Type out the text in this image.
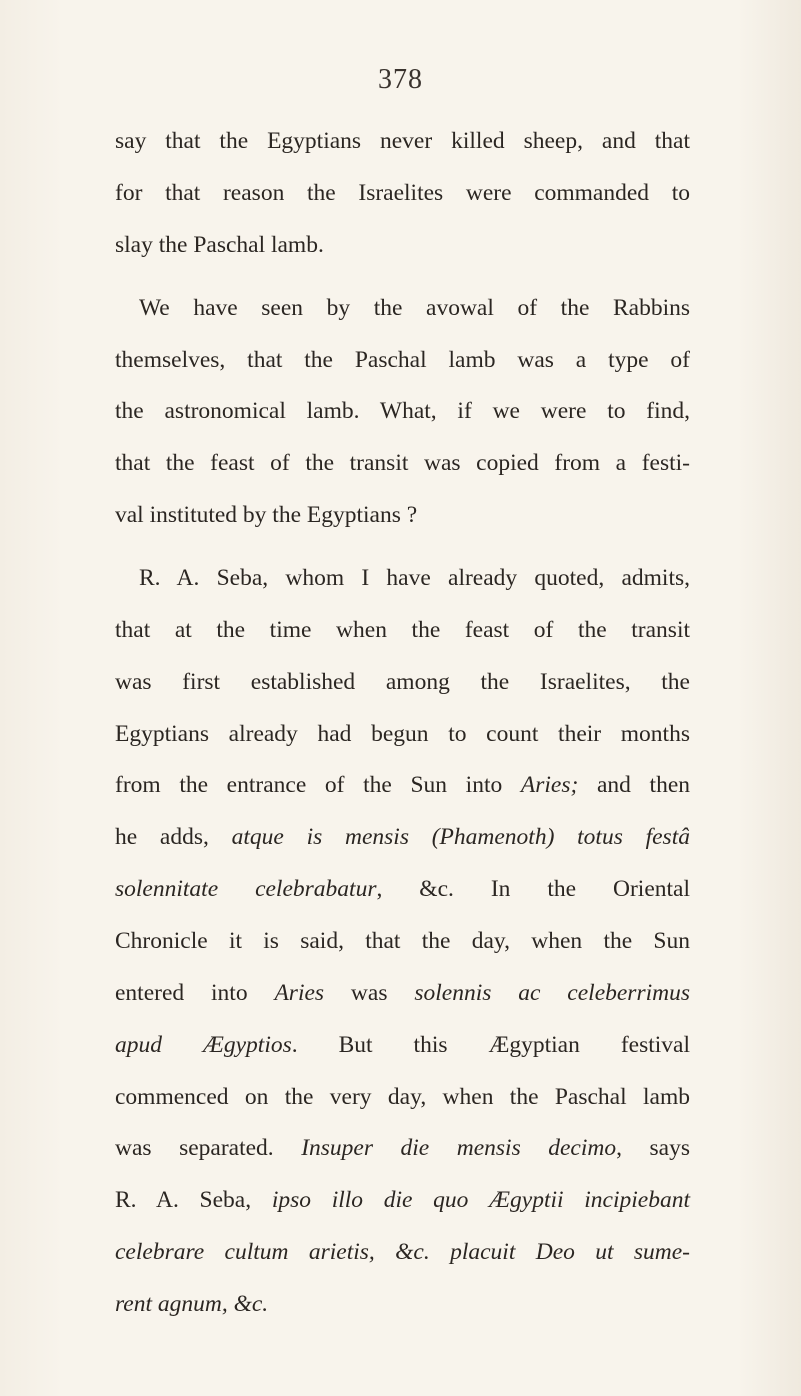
378
say that the Egyptians never killed sheep, and that
for that reason the Israelites were commanded to
slay the Paschal lamb.
We have seen by the avowal of the Rabbins
themselves, that the Paschal lamb was a type of
the astronomical lamb. What, if we were to find,
that the feast of the transit was copied from a festi-
val instituted by the Egyptians ?
R. A. Seba, whom I have already quoted, admits,
that at the time when the feast of the transit
was first established among the Israelites, the
Egyptians already had begun to count their months
from the entrance of the Sun into Aries; and then
he adds, atque is mensis (Phamenoth) totus festâ
solennitate celebrabatur, &c. In the Oriental
Chronicle it is said, that the day, when the Sun
entered into Aries was solennis ac celeberrimus
apud Ægyptios. But this Ægyptian festival
commenced on the very day, when the Paschal lamb
was separated. Insuper die mensis decimo, says
R. A. Seba, ipso illo die quo Ægyptii incipiebant
celebrare cultum arietis, &c. placuit Deo ut sume-
rent agnum, &c.
